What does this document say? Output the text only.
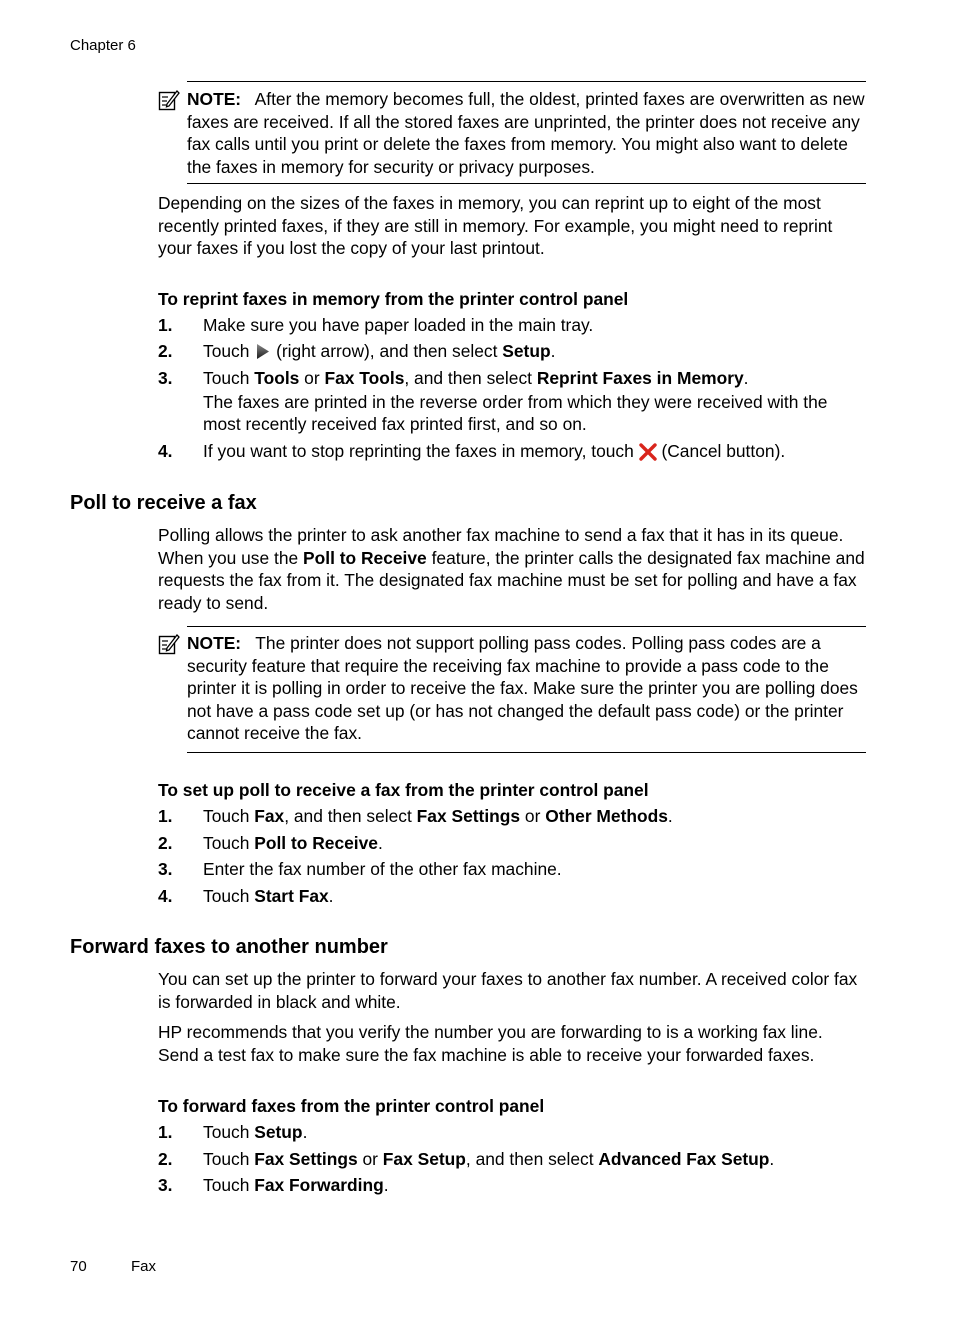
Chapter 6
NOTE: After the memory becomes full, the oldest, printed faxes are overwritten as new faxes are received. If all the stored faxes are unprinted, the printer does not receive any fax calls until you print or delete the faxes from memory. You might also want to delete the faxes in memory for security or privacy purposes.
Depending on the sizes of the faxes in memory, you can reprint up to eight of the most recently printed faxes, if they are still in memory. For example, you might need to reprint your faxes if you lost the copy of your last printout.
To reprint faxes in memory from the printer control panel
1. Make sure you have paper loaded in the main tray.
2. Touch  (right arrow), and then select Setup.
3. Touch Tools or Fax Tools, and then select Reprint Faxes in Memory.
The faxes are printed in the reverse order from which they were received with the most recently received fax printed first, and so on.
4. If you want to stop reprinting the faxes in memory, touch  (Cancel button).
Poll to receive a fax
Polling allows the printer to ask another fax machine to send a fax that it has in its queue. When you use the Poll to Receive feature, the printer calls the designated fax machine and requests the fax from it. The designated fax machine must be set for polling and have a fax ready to send.
NOTE: The printer does not support polling pass codes. Polling pass codes are a security feature that require the receiving fax machine to provide a pass code to the printer it is polling in order to receive the fax. Make sure the printer you are polling does not have a pass code set up (or has not changed the default pass code) or the printer cannot receive the fax.
To set up poll to receive a fax from the printer control panel
1. Touch Fax, and then select Fax Settings or Other Methods.
2. Touch Poll to Receive.
3. Enter the fax number of the other fax machine.
4. Touch Start Fax.
Forward faxes to another number
You can set up the printer to forward your faxes to another fax number. A received color fax is forwarded in black and white.
HP recommends that you verify the number you are forwarding to is a working fax line. Send a test fax to make sure the fax machine is able to receive your forwarded faxes.
To forward faxes from the printer control panel
1. Touch Setup.
2. Touch Fax Settings or Fax Setup, and then select Advanced Fax Setup.
3. Touch Fax Forwarding.
70	Fax
